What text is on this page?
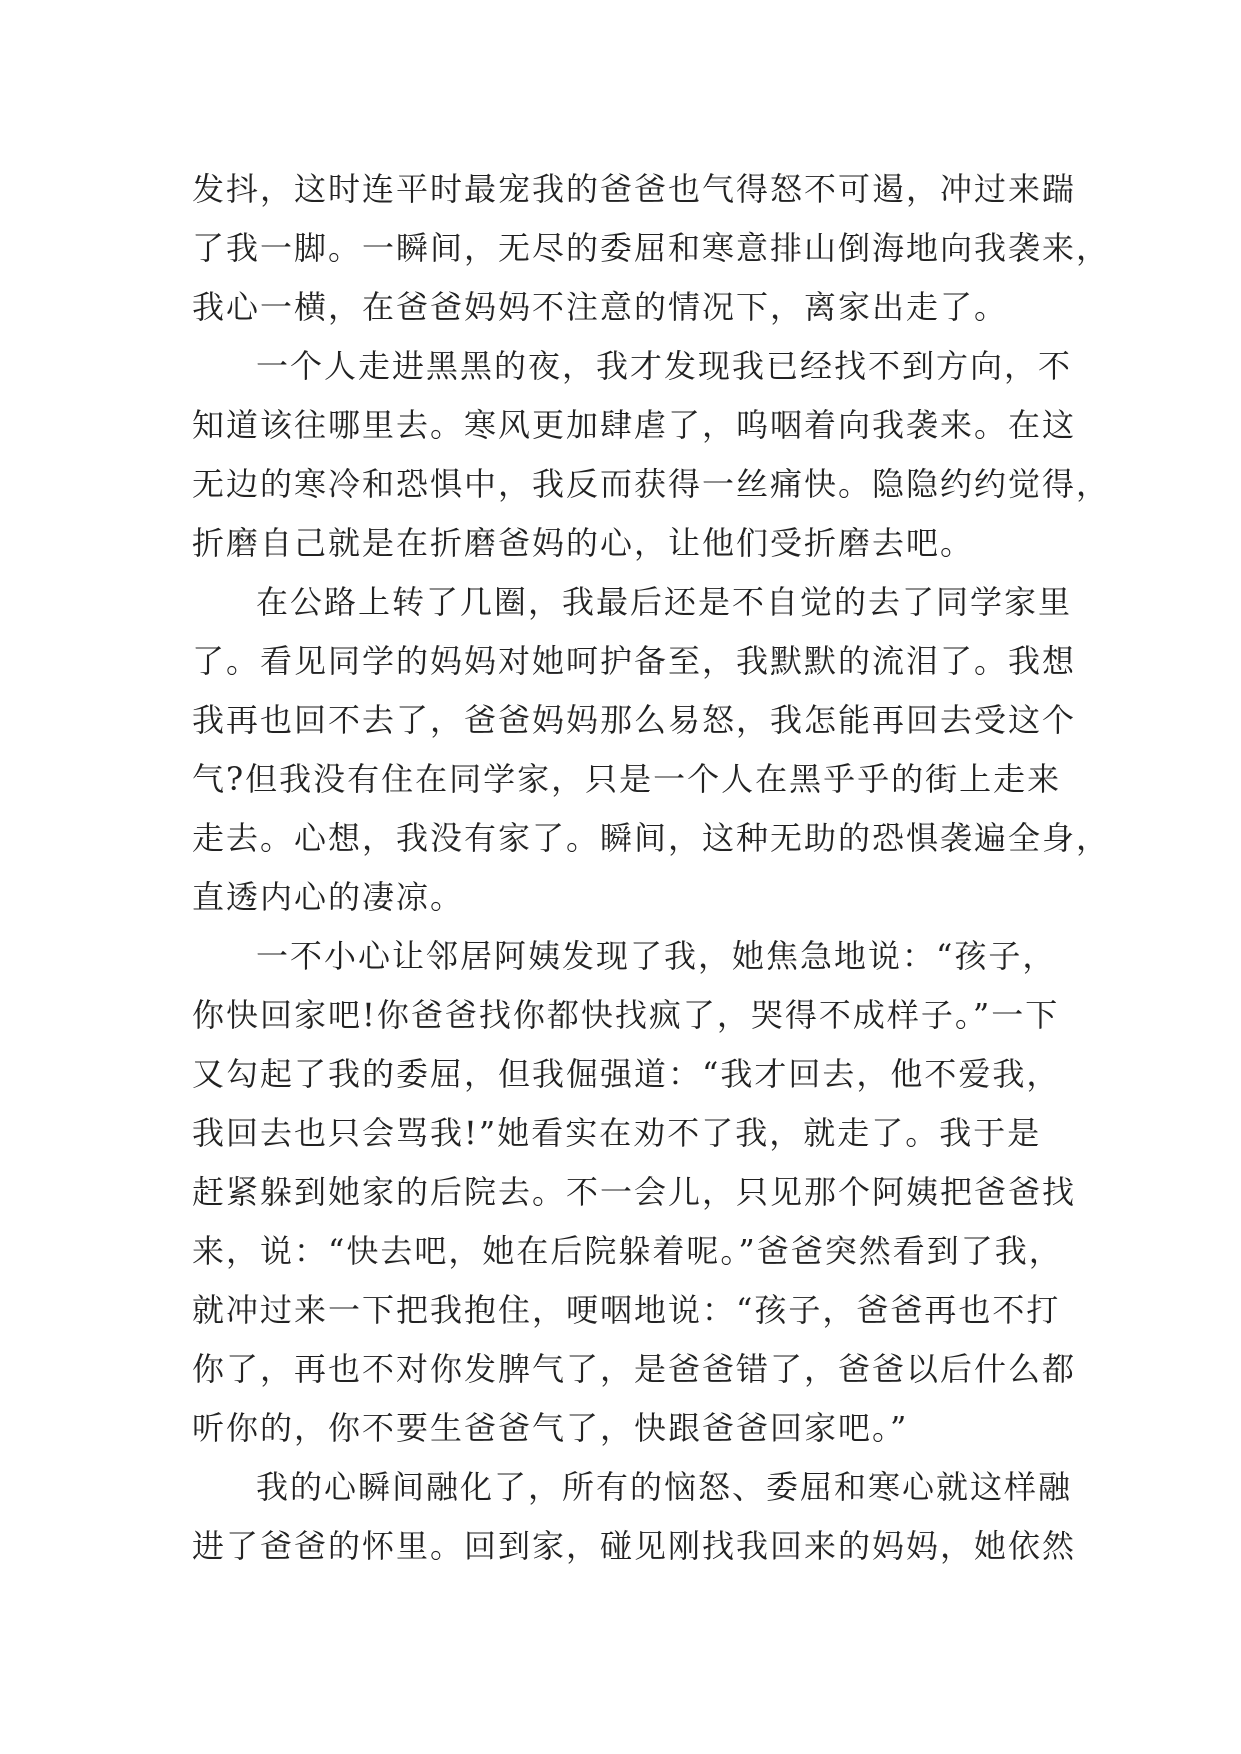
发抖，这时连平时最宠我的爸爸也气得怒不可遏，冲过来踹
了我一脚。一瞬间，无尽的委屈和寒意排山倒海地向我袭来，
我心一横，在爸爸妈妈不注意的情况下，离家出走了。

一个人走进黑黑的夜，我才发现我已经找不到方向，不
知道该往哪里去。寒风更加肆虐了，呜咽着向我袭来。在这
无边的寒冷和恐惧中，我反而获得一丝痛快。隐隐约约觉得，
折磨自己就是在折磨爸妈的心，让他们受折磨去吧。

在公路上转了几圈，我最后还是不自觉的去了同学家里
了。看见同学的妈妈对她呵护备至，我默默的流泪了。我想
我再也回不去了，爸爸妈妈那么易怒，我怎能再回去受这个
气?但我没有住在同学家，只是一个人在黑乎乎的街上走来
走去。心想，我没有家了。瞬间，这种无助的恐惧袭遍全身，
直透内心的凄凉。

一不小心让邻居阿姨发现了我，她焦急地说：“孩子，
你快回家吧!你爸爸找你都快找疯了，哭得不成样子。”一下
又勾起了我的委屈，但我倔强道：“我才回去，他不爱我，
我回去也只会骂我!”她看实在劝不了我，就走了。我于是
赶紧躲到她家的后院去。不一会儿，只见那个阿姨把爸爸找
来，说：“快去吧，她在后院躲着呢。”爸爸突然看到了我，
就冲过来一下把我抱住，哽咽地说：“孩子，爸爸再也不打
你了，再也不对你发脾气了，是爸爸错了，爸爸以后什么都
听你的，你不要生爸爸气了，快跟爸爸回家吧。”

我的心瞬间融化了，所有的恼怒、委屈和寒心就这样融
进了爸爸的怀里。回到家，碰见刚找我回来的妈妈，她依然
